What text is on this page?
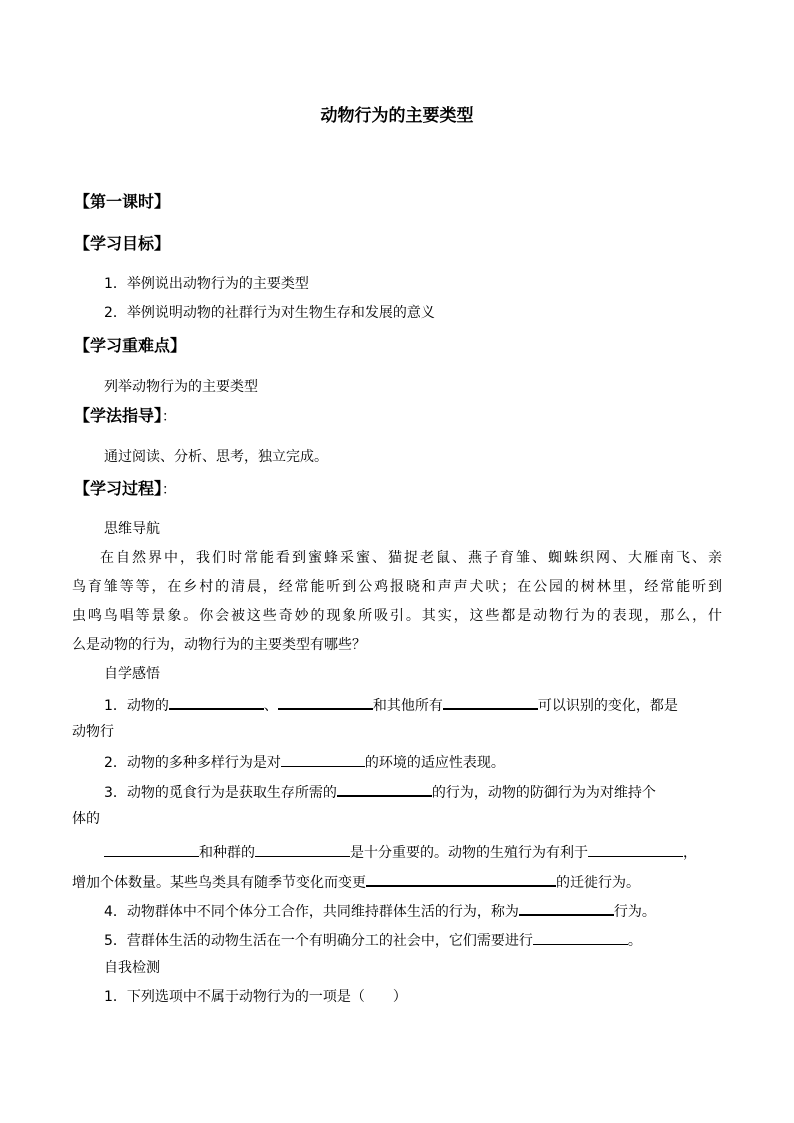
动物行为的主要类型
【第一课时】
【学习目标】
1．举例说出动物行为的主要类型
2．举例说明动物的社群行为对生物生存和发展的意义
【学习重难点】
列举动物行为的主要类型
【学法指导】：
通过阅读、分析、思考，独立完成。
【学习过程】：
思维导航
在自然界中，我们时常能看到蜜蜂采蜜、猫捉老鼠、燕子育雏、蜘蛛织网、大雁南飞、亲
鸟育雏等等，在乡村的清晨，经常能听到公鸡报晓和声声犬吠；在公园的树林里，经常能听到
虫鸣鸟唱等景象。你会被这些奇妙的现象所吸引。其实，这些都是动物行为的表现，那么，什
么是动物的行为，动物行为的主要类型有哪些？
自学感悟
1．动物的	、	和其他所有	可以识别的变化，都是
动物行
2．动物的多种多样行为是对	的环境的适应性表现。
3．动物的觅食行为是获取生存所需的	的行为，动物的防御行为为对维持个
体的
和种群的	是十分重要的。动物的生殖行为有利于	，
增加个体数量。某些鸟类具有随季节变化而变更	的迁徙行为。
4．动物群体中不同个体分工合作，共同维持群体生活的行为，称为	行为。
5．营群体生活的动物生活在一个有明确分工的社会中，它们需要进行	。
自我检测
1．下列选项中不属于动物行为的一项是（　　）
